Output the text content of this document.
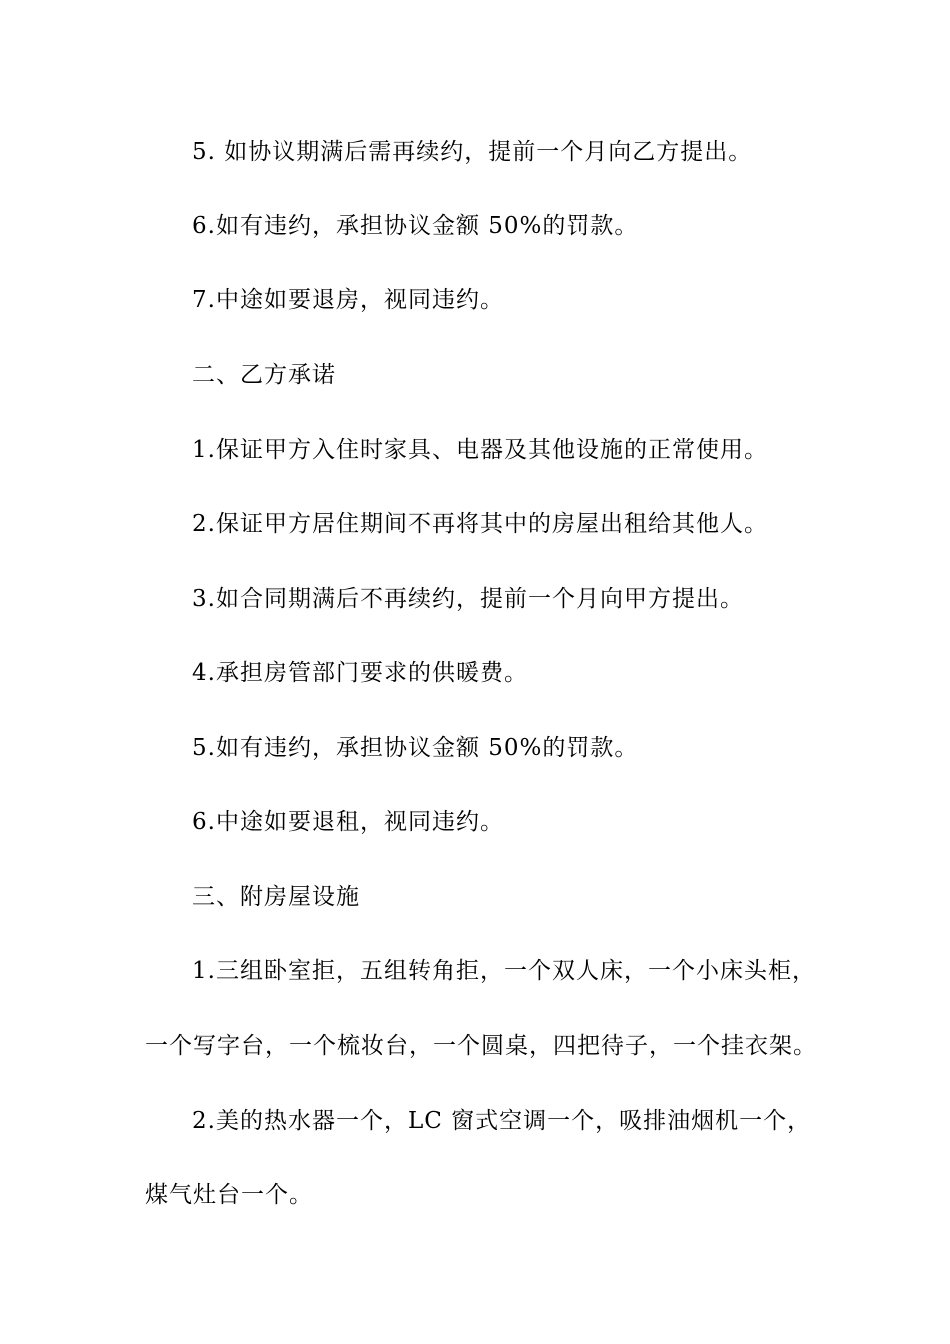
5. 如协议期满后需再续约，提前一个月向乙方提出。
6.如有违约，承担协议金额 50%的罚款。
7.中途如要退房，视同违约。
二、乙方承诺
1.保证甲方入住时家具、电器及其他设施的正常使用。
2.保证甲方居住期间不再将其中的房屋出租给其他人。
3.如合同期满后不再续约，提前一个月向甲方提出。
4.承担房管部门要求的供暖费。
5.如有违约，承担协议金额 50%的罚款。
6.中途如要退租，视同违约。
三、附房屋设施
1.三组卧室拒，五组转角拒，一个双人床，一个小床头柜，
一个写字台，一个梳妆台，一个圆桌，四把待子，一个挂衣架。
2.美的热水器一个，LC 窗式空调一个，吸排油烟机一个，
煤气灶台一个。
